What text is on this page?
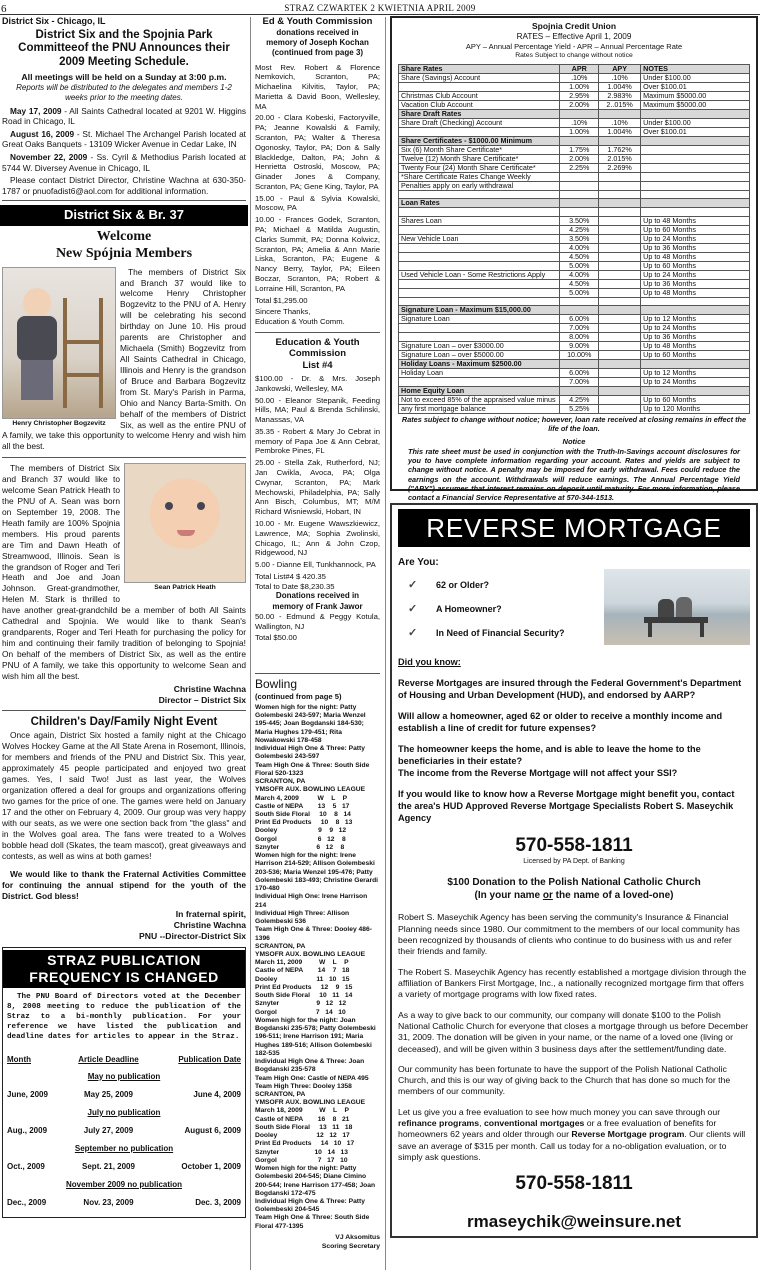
6	STRAZ CZWARTEK 2 KWIETNIA APRIL 2009
District Six - Chicago, IL
District Six and the Spojnia Park Committeeof the PNU Announces their 2009 Meeting Schedule.
All meetings will be held on a Sunday at 3:00 p.m.
Reports will be distributed to the delegates and members 1-2 weeks prior to the meeting dates.

May 17, 2009 - All Saints Cathedral located at 9201 W. Higgins Road in Chicago, IL

August 16, 2009 - St. Michael The Archangel Parish located at Great Oaks Banquets - 13109 Wicker Avenue in Cedar Lake, IN

November 22, 2009 - Ss. Cyril & Methodius Parish located at 5744 W. Diversey Avenue in Chicago, IL

Please contact District Director, Christine Wachna at 630-350-1787 or pnuofadist6@aol.com for additional information.

District Six & Br. 37
Welcome
New Spójnia Members
Henry Christopher Bogzevitz

The members of District Six and Branch 37 would like to welcome Henry Christopher Bogzevitz to the PNU of A. Henry will be celebrating his second birthday on June 10. His proud parents are Christopher and Michaela (Smith) Bogzevitz from All Saints Cathedral in Chicago, Illinois and Henry is the grandson of Bruce and Barbara Bogzevitz from St. Mary's Parish in Parma, Ohio and Nancy Barta-Smith. On behalf of the members of District Six, as well as the entire PNU of A family, we take this opportunity to welcome Henry and wish him all the best.

Sean Patrick Heath

The members of District Six and Branch 37 would like to welcome Sean Patrick Heath to the PNU of A. Sean was born on September 19, 2008. The Heath family are 100% Spojnia members. His proud parents are Tim and Dawn Heath of Streamwood, Illinois. Sean is the grandson of Roger and Teri Heath and Joe and Joan Johnson. Great-grandmother, Helen M. Stark is thrilled to have another great-grandchild be a member of both All Saints Cathedral and Spojnia. We would like to thank Sean's grandparents, Roger and Teri Heath for purchasing the policy for him and continuing their family tradition of belonging to Spojnia! On behalf of the members of District Six, as well as the entire PNU of A family, we take this opportunity to welcome Sean and wish him all the best.

Christine Wachna
Director – District Six
Children's Day/Family Night Event

Once again, District Six hosted a family night at the Chicago Wolves Hockey Game at the All State Arena in Rosemont, Illinois, for members and friends of the PNU and District Six. This year, approximately 45 people participated and enjoyed two great games. Yes, I said Two! Just as last year, the Wolves organization offered a deal for groups and organizations offering two games for the price of one. The games were held on January 17 and the other on February 4, 2009. Our group was very happy with our seats, as we were one section back from "the glass" and in the Wolves goal area. The fans were treated to a Wolves bobble head doll (Skates, the team mascot), great giveaways and contests, as well as wins at both games!

We would like to thank the Fraternal Activities Committee for continuing the annual stipend for the youth of the District. God bless!

In fraternal spirit,
Christine Wachna
PNU --Director-District Six
STRAZ PUBLICATION
FREQUENCY IS CHANGED

The PNU Board of Directors voted at the December 8, 2008 meeting to reduce the publication of the Straz to a bi-monthly publication. For your reference we have listed the publication and deadline dates for articles to appear in the Straz.

Month	Article Deadline	Publication Date
May no publication		
June, 2009	May 25, 2009	June 4, 2009
July no publication		
Aug., 2009	July 27, 2009	August 6, 2009
September no publication		
Oct., 2009	Sept. 21, 2009	October 1, 2009
November 2009 no publication		
Dec., 2009	Nov. 23, 2009	Dec. 3, 2009
Ed & Youth Commission
donations received in
memory of Joseph Kochan
(continued from page 3)

Most Rev. Robert & Florence Nemkovich, Scranton, PA; Michaelina Kilvitis, Taylor, PA; Marietta & David Boon, Wellesley, MA

20.00 - Clara Kobeski, Factoryville, PA; Jeanne Kowalski & Family, Scranton, PA; Walter & Theresa Ogonosky, Taylor, PA; Don & Sally Blackledge, Dalton, PA; John & Henrietta Ostroski, Moscow, PA; Ginader Jones & Company, Scranton, PA; Gene King, Taylor, PA

15.00 - Paul & Sylvia Kowalski, Moscow, PA

10.00 - Frances Godek, Scranton, PA; Michael & Matilda Augustin, Clarks Summit, PA; Donna Kolwicz, Scranton, PA; Amelia & Ann Marie Liska, Scranton, PA; Eugene & Nancy Berry, Taylor, PA; Eileen Boczar, Scranton, PA; Robert & Lorraine Hill, Scranton, PA

Total $1,295.00

Sincere Thanks,

Education & Youth Comm.

Education & Youth
Commission
List #4

$100.00 - Dr. & Mrs. Joseph Jankowski, Wellesley, MA

50.00 - Eleanor Stepanik, Feeding Hills, MA; Paul & Brenda Schilinski, Manassas, VA

35.35 - Robert & Mary Jo Cebrat in memory of Papa Joe & Ann Cebrat, Pembroke Pines, FL

25.00 - Stella Zak, Rutherford, NJ; Jan Cwikla, Avoca, PA; Olga Cwynar, Scranton, PA; Mark Mechowski, Philadelphia, PA; Sally Ann Bisch, Columbus, MT; M/M Richard Wisniewski, Hobart, IN

10.00 - Mr. Eugene Wawszkiewicz, Lawrence, MA; Sophia Zwolinski, Chicago, IL; Ann & John Czop, Ridgewood, NJ

5.00 - Dianne Ell, Tunkhannock, PA

Total List#4 $ 420.35

Total to Date $8,230.35

Donations received in
memory of Frank Jawor

50.00 - Edmund & Peggy Kotula, Wallington, NJ

Total $50.00

Bowling
(continued from page 5)
Women high for the night: Patty Golembeski 243-597; Maria Wenzel 195-445; Joan Bogdanski 184-530; Maria Hughes 179-451; Rita Nowakowski 178-458
Individual High One & Three: Patty Golembeski 243-597
Team High One & Three: South Side Floral 520-1323
SCRANTON, PA
YMSOFR AUX. BOWLING LEAGUE
March 4, 2009          W    L    P
Castle of NEPA        13    5   17
South Side Floral     10    8   14
Print Ed Products     10    8   13
Dooley                      9    9   12
Gorgol                      6   12    8
Sznyter                    6   12    8
Women high for the night: Irene Harrison 214-529; Allison Golembeski 203-536; Maria Wenzel 195-476; Patty Golembeski 183-493; Christine Gerardi 170-480
Individual High One: Irene Harrison 214
Individual High Three: Allison Golembeski 536
Team High One & Three: Dooley 486-1396
SCRANTON, PA
YMSOFR AUX. BOWLING LEAGUE
March 11, 2009         W    L    P
Castle of NEPA        14    7   18
Dooley                     11   10   15
Print Ed Products     12    9   15
South Side Floral     10   11   14
Sznyter                    9   12   12
Gorgol                     7   14   10
Women high for the night: Joan Bogdanski 235-578; Patty Golembeski 196-511; Irene Harrison 191; Maria Hughes 189-516; Allison Golembeski 182-535
Individual High One & Three: Joan Bogdanski 235-578
Team High One: Castle of NEPA 495
Team High Three: Dooley 1358
SCRANTON, PA
YMSOFR AUX. BOWLING LEAGUE
March 18, 2009         W    L    P
Castle of NEPA        16    8   21
South Side Floral     13   11   18
Dooley                     12   12   17
Print Ed Products     14   10   17
Sznyter                   10   14   13
Gorgol                      7   17   10
Women high for the night: Patty Golembeski 204-545; Diane Cimino 200-544; Irene Harrison 177-458; Joan Bogdanski 172-475
Individual High One & Three: Patty Golembeski 204-545
Team High One & Three: South Side Floral 477-1395
VJ Aksomitus
Scoring Secretary
Spojnia Credit Union
RATES – Effective April 1, 2009
APY – Annual Percentage Yield - APR – Annual Percentage Rate
Rates Subject to change without notice
Share Rates	APR	APY	NOTES
Share (Savings) Account	.10%	.10%	Under $100.00
	1.00%	1.004%	Over $100.01
Christmas Club Account	2.95%	2.983%	Maximum $5000.00
Vacation Club Account	2.00%	2..015%	Maximum $5000.00
Share Draft Rates			
Share Draft (Checking) Account	.10%	.10%	Under $100.00
	1.00%	1.004%	Over $100.01
Share Certificates - $1000.00 Minimum			
Six (6) Month Share Certificate*	1.75%	1.762%	
Twelve (12) Month Share Certificate*	2.00%	2.015%	
Twenty Four (24) Month Share Certificate*	2.25%	2.269%	
*Share Certificate Rates Change Weekly			
Penalties apply on early withdrawal			

Loan Rates			

Shares Loan	3.50%		Up to 48 Months
	4.25%		Up to 60 Months
New Vehicle Loan	3.50%		Up to 24 Months
	4.00%		Up to 36 Months
	4.50%		Up to 48 Months
	5.00%		Up to 60 Months
Used Vehicle Loan - Some Restrictions Apply	4.00%		Up to 24 Months
	4.50%		Up to 36 Months
	5.00%		Up to 48 Months

Signature Loan - Maximum $15,000.00			
Signature Loan	6.00%		Up to 12 Months
	7.00%		Up to 24 Months
	8.00%		Up to 36 Months
Signature Loan – over $3000.00	9.00%		Up to 48 Months
Signature Loan – over $5000.00	10.00%		Up to 60 Months
Holiday Loans - Maximum $2500.00			
Holiday Loan	6.00%		Up to 12 Months
	7.00%		Up to 24 Months
Home Equity Loan			
Not to exceed 85% of the appraised value minus	4.25%		Up to 60 Months
any first mortgage balance	5.25%		Up to 120 Months
Rates subject to change without notice; however, loan rate received at closing remains in effect the life of the loan.
Notice
This rate sheet must be used in conjunction with the Truth-In-Savings account disclosures for you to have complete information regarding your account. Rates and yields are subject to change without notice. A penalty may be imposed for early withdrawal. Fees could reduce the earnings on the account. Withdrawals will reduce earnings. The Annual Percentage Yield ("APY") assumes that interest remains on deposit until maturity. For more information, please contact a Financial Service Representative at 570-344-1513.
REVERSE MORTGAGE
Are You:
✓ 62 or Older?
✓ A Homeowner?
✓ In Need of Financial Security?
Did you know:
Reverse Mortgages are insured through the Federal Government's Department of Housing and Urban Development (HUD), and endorsed by AARP?
Will allow a homeowner, aged 62 or older to receive a monthly income and establish a line of credit for future expenses?
The homeowner keeps the home, and is able to leave the home to the beneficiaries in their estate?
The income from the Reverse Mortgage will not affect your SSI?
If you would like to know how a Reverse Mortgage might benefit you, contact the area's HUD Approved Reverse Mortgage Specialists Robert S. Maseychik Agency
570-558-1811
Licensed by PA Dept. of Banking
$100 Donation to the Polish National Catholic Church
(In your name or the name of a loved-one)

Robert S. Maseychik Agency has been serving the community's Insurance & Financial Planning needs since 1980. Our commitment to the members of our local community has been recognized by thousands of clients who continue to do business with us and refer their friends and family.

The Robert S. Maseychik Agency has recently established a mortgage division through the affiliation of Bankers First Mortgage, Inc., a nationally recognized mortgage firm that offers a variety of mortgage programs with low fixed rates.

As a way to give back to our community, our company will donate $100 to the Polish National Catholic Church for everyone that closes a mortgage through us before December 31, 2009. The donation will be given in your name, or the name of a loved one (living or deceased), and will be given within 3 business days after the settlement/funding date.

Our community has been fortunate to have the support of the Polish National Catholic Church, and this is our way of giving back to the Church that has done so much for the members of our community.

Let us give you a free evaluation to see how much money you can save through our refinance programs, conventional mortgages or a free evaluation of benefits for homeowners 62 years and older through our Reverse Mortgage program. Our clients will save an average of $315 per month. Call us today for a no-obligation evaluation, or to simply ask questions.

570-558-1811
rmaseychik@weinsure.net
